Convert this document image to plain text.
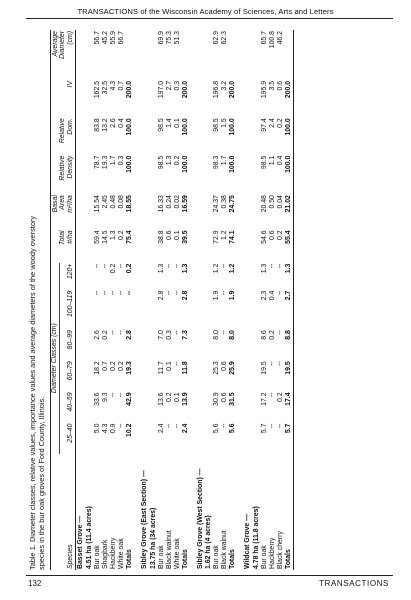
TRANSACTIONS of the Wisconsin Academy of Sciences, Arts and Letters
Table 1. Diameter classes, relative values, importance values and average diameters of the woody overstory species in the bur oak groves of Ford County, Illinois.
	Diameter Classes (cm)							Basal				Average
							Total	Area	Relative	Relative		Diameter
Species	25–40	40–59	60–79	80–99	100–119	120+	#/ha	m²/ha	Density	Dom.	IV	(cm)
Basset Grove —												
4.51 ha (11.4 acres)												
Bur oak	5.0	33.6	18.2	2.6	--	--	59.4	15.54	78.7	83.8	162.5	56.7
Shagbark	4.3	9.3	0.7	0.2	--	--	14.5	2.45	19.3	13.2	32.5	45.2
Hackberry	0.9	--	0.2	--	--	0.2	1.3	0.48	1.7	2.6	4.3	55.9
White oak	--	--	0.2	--	--	--	0.2	0.08	0.3	0.4	0.7	66.7
Totals	10.2	42.9	19.3	2.8	--	0.2	75.4	18.55	100.0	100.0	200.0	

Sibley Grove (East Section) —												
13.75 ha (34 acres)												
Bur oak	2.4	13.6	11.7	7.0	2.8	1.3	38.8	16.33	98.5	98.5	197.0	69.9
Black walnut	--	0.2	0.1	0.3	--	--	0.6	0.24	1.3	1.4	2.7	75.3
White oak	--	0.1	--	--	--	--	0.1	0.02	0.2	0.1	0.3	51.3
Totals	2.4	13.9	11.8	7.3	2.8	1.3	39.5	16.59	100.0	100.0	200.0	

Sibley Grove (West Section) —												
1.62 ha (4 acres)												
Bur oak	5.6	30.9	25.3	8.0	1.9	1.2	72.9	24.37	98.3	98.5	196.8	62.9
Black walnut	--	0.6	0.6	--	--	--	1.2	0.38	1.7	1.5	3.2	62.3
Totals	5.6	31.5	25.9	8.0	1.9	1.2	74.1	24.75	100.0	100.0	200.0	

Wildcat Grove —												
4.78 ha (11.8 acres)												
Bur oak	5.7	17.2	19.5	8.6	2.3	1.3	54.6	20.48	98.5	97.4	195.9	65.7
Hackberry	--	--	--	0.2	0.4	--	0.6	0.50	1.1	2.4	3.5	100.8
Black cherry	--	0.2	--	--	--	--	0.2	0.04	0.4	0.2	0.6	46.2
Totals	5.7	17.4	19.5	8.8	2.7	1.3	55.4	21.02	100.0	100.0	200.0	
132	TRANSACTIONS
